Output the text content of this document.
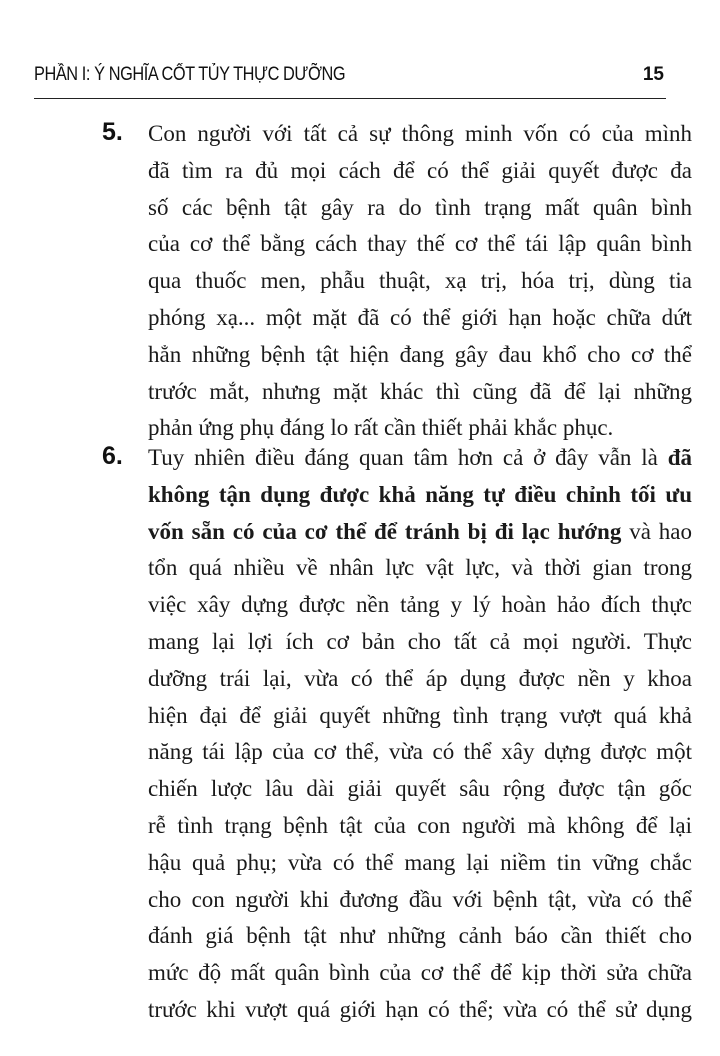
PHẦN I: Ý NGHĨA CỐT TỦY THỰC DƯỠNG	15
5. Con người với tất cả sự thông minh vốn có của mình
đã tìm ra đủ mọi cách để có thể giải quyết được đa
số các bệnh tật gây ra do tình trạng mất quân bình
của cơ thể bằng cách thay thế cơ thể tái lập quân bình
qua thuốc men, phẫu thuật, xạ trị, hóa trị, dùng tia
phóng xạ... một mặt đã có thể giới hạn hoặc chữa dứt
hẳn những bệnh tật hiện đang gây đau khổ cho cơ thể
trước mắt, nhưng mặt khác thì cũng đã để lại những
phản ứng phụ đáng lo rất cần thiết phải khắc phục.
6. Tuy nhiên điều đáng quan tâm hơn cả ở đây vẫn là đã
không tận dụng được khả năng tự điều chỉnh tối ưu
vốn sẵn có của cơ thể để tránh bị đi lạc hướng và hao
tổn quá nhiều về nhân lực vật lực, và thời gian trong
việc xây dựng được nền tảng y lý hoàn hảo đích thực
mang lại lợi ích cơ bản cho tất cả mọi người. Thực
dưỡng trái lại, vừa có thể áp dụng được nền y khoa
hiện đại để giải quyết những tình trạng vượt quá khả
năng tái lập của cơ thể, vừa có thể xây dựng được một
chiến lược lâu dài giải quyết sâu rộng được tận gốc
rễ tình trạng bệnh tật của con người mà không để lại
hậu quả phụ; vừa có thể mang lại niềm tin vững chắc
cho con người khi đương đầu với bệnh tật, vừa có thể
đánh giá bệnh tật như những cảnh báo cần thiết cho
mức độ mất quân bình của cơ thể để kịp thời sửa chữa
trước khi vượt quá giới hạn có thể; vừa có thể sử dụng
